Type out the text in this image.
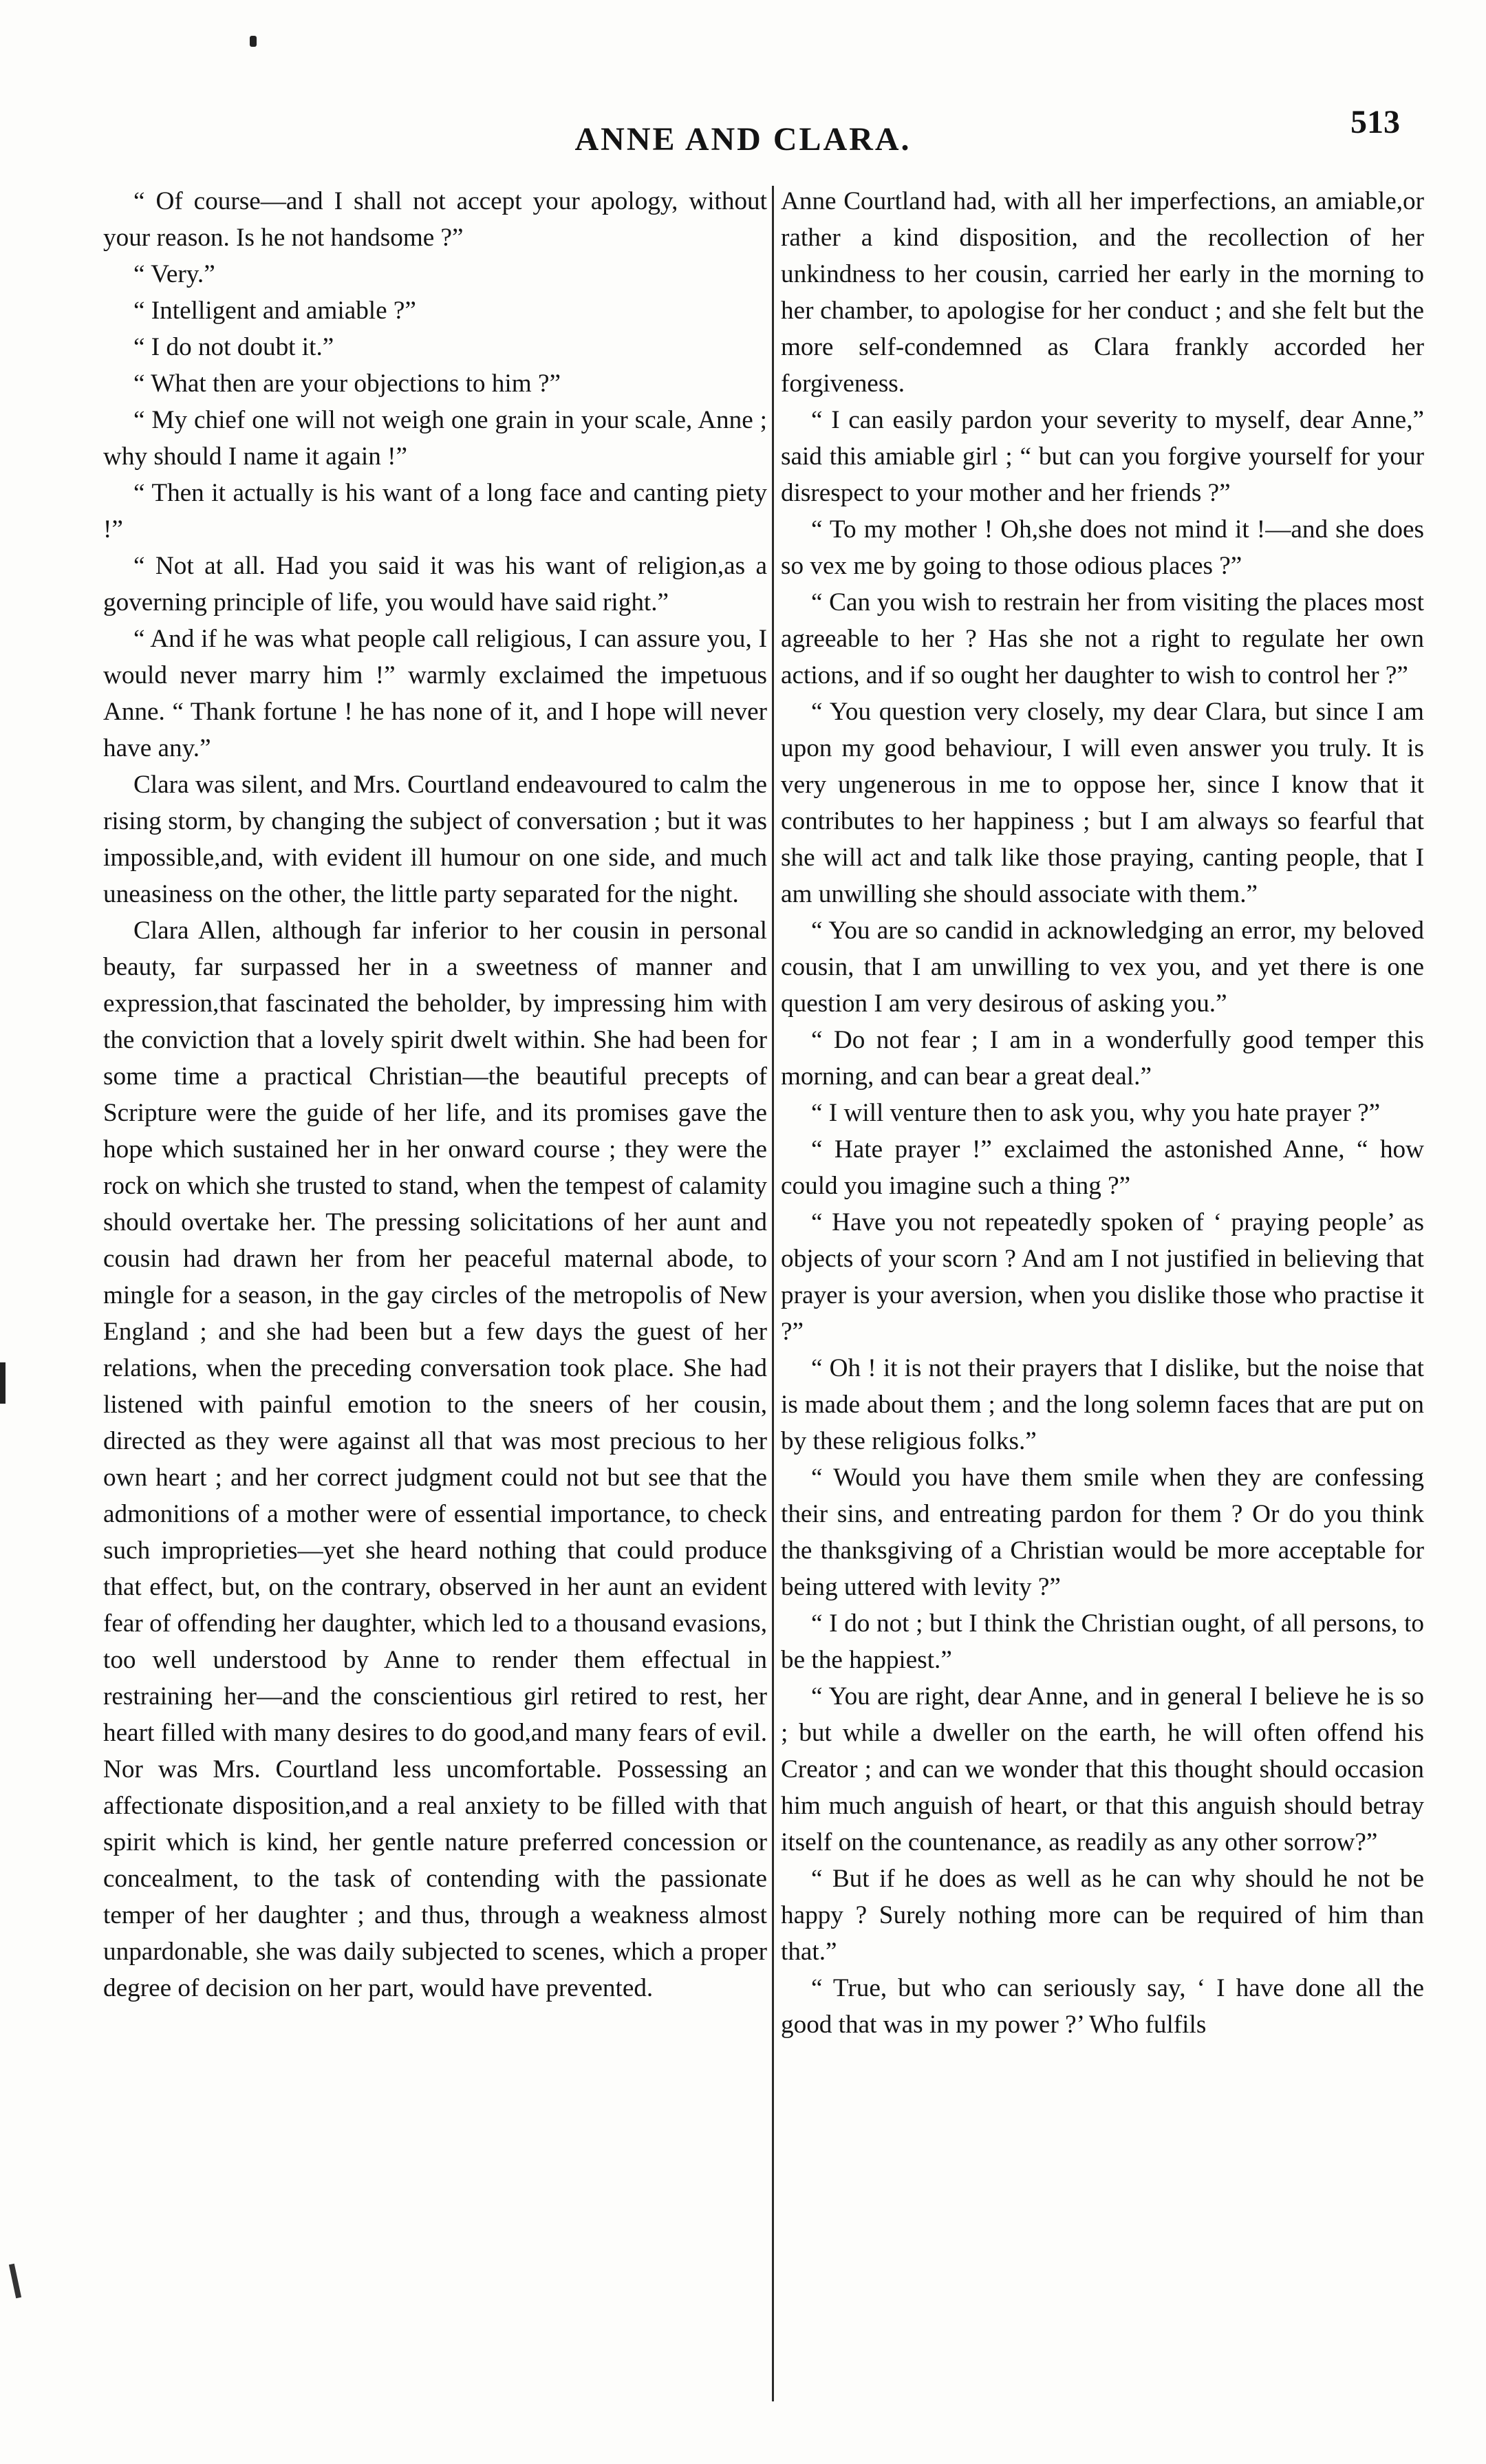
ANNE AND CLARA.	513

“ Of course—and I shall not accept your apology, without your reason. Is he not handsome ?”

“ Very.”

“ Intelligent and amiable ?”

“ I do not doubt it.”

“ What then are your objections to him ?”

“ My chief one will not weigh one grain in your scale, Anne ; why should I name it again !”

“ Then it actually is his want of a long face and canting piety !”

“ Not at all. Had you said it was his want of religion,as a governing principle of life, you would have said right.”

“ And if he was what people call religious, I can assure you, I would never marry him !” warmly exclaimed the impetuous Anne. “ Thank fortune ! he has none of it, and I hope will never have any.”

Clara was silent, and Mrs. Courtland endeavoured to calm the rising storm, by changing the subject of conversation ; but it was impossible,and, with evident ill humour on one side, and much uneasiness on the other, the little party separated for the night.

Clara Allen, although far inferior to her cousin in personal beauty, far surpassed her in a sweetness of manner and expression,that fascinated the beholder, by impressing him with the conviction that a lovely spirit dwelt within. She had been for some time a practical Christian—the beautiful precepts of Scripture were the guide of her life, and its promises gave the hope which sustained her in her onward course ; they were the rock on which she trusted to stand, when the tempest of calamity should overtake her. The pressing solicitations of her aunt and cousin had drawn her from her peaceful maternal abode, to mingle for a season, in the gay circles of the metropolis of New England ; and she had been but a few days the guest of her relations, when the preceding conversation took place. She had listened with painful emotion to the sneers of her cousin, directed as they were against all that was most precious to her own heart ; and her correct judgment could not but see that the admonitions of a mother were of essential importance, to check such improprieties—yet she heard nothing that could produce that effect, but, on the contrary, observed in her aunt an evident fear of offending her daughter, which led to a thousand evasions, too well understood by Anne to render them effectual in restraining her—and the conscientious girl retired to rest, her heart filled with many desires to do good,and many fears of evil. Nor was Mrs. Courtland less uncomfortable. Possessing an affectionate disposition,and a real anxiety to be filled with that spirit which is kind, her gentle nature preferred concession or concealment, to the task of contending with the passionate temper of her daughter ; and thus, through a weakness almost unpardonable, she was daily subjected to scenes, which a proper degree of decision on her part, would have prevented.

Anne Courtland had, with all her imperfections, an amiable,or rather a kind disposition, and the recollection of her unkindness to her cousin, carried her early in the morning to her chamber, to apologise for her conduct ; and she felt but the more self-condemned as Clara frankly accorded her forgiveness.

“ I can easily pardon your severity to myself, dear Anne,” said this amiable girl ; “ but can you forgive yourself for your disrespect to your mother and her friends ?”

“ To my mother ! Oh,she does not mind it !—and she does so vex me by going to those odious places ?”

“ Can you wish to restrain her from visiting the places most agreeable to her ? Has she not a right to regulate her own actions, and if so ought her daughter to wish to control her ?”

“ You question very closely, my dear Clara, but since I am upon my good behaviour, I will even answer you truly. It is very ungenerous in me to oppose her, since I know that it contributes to her happiness ; but I am always so fearful that she will act and talk like those praying, canting people, that I am unwilling she should associate with them.”

“ You are so candid in acknowledging an error, my beloved cousin, that I am unwilling to vex you, and yet there is one question I am very desirous of asking you.”

“ Do not fear ; I am in a wonderfully good temper this morning, and can bear a great deal.”

“ I will venture then to ask you, why you hate prayer ?”

“ Hate prayer !” exclaimed the astonished Anne, “ how could you imagine such a thing ?”

“ Have you not repeatedly spoken of ‘ praying people’ as objects of your scorn ? And am I not justified in believing that prayer is your aversion, when you dislike those who practise it ?”

“ Oh ! it is not their prayers that I dislike, but the noise that is made about them ; and the long solemn faces that are put on by these religious folks.”

“ Would you have them smile when they are confessing their sins, and entreating pardon for them ? Or do you think the thanksgiving of a Christian would be more acceptable for being uttered with levity ?”

“ I do not ; but I think the Christian ought, of all persons, to be the happiest.”

“ You are right, dear Anne, and in general I believe he is so ; but while a dweller on the earth, he will often offend his Creator ; and can we wonder that this thought should occasion him much anguish of heart, or that this anguish should betray itself on the countenance, as readily as any other sorrow?”

“ But if he does as well as he can why should he not be happy ? Surely nothing more can be required of him than that.”

“ True, but who can seriously say, ‘ I have done all the good that was in my power ?’ Who fulfils
